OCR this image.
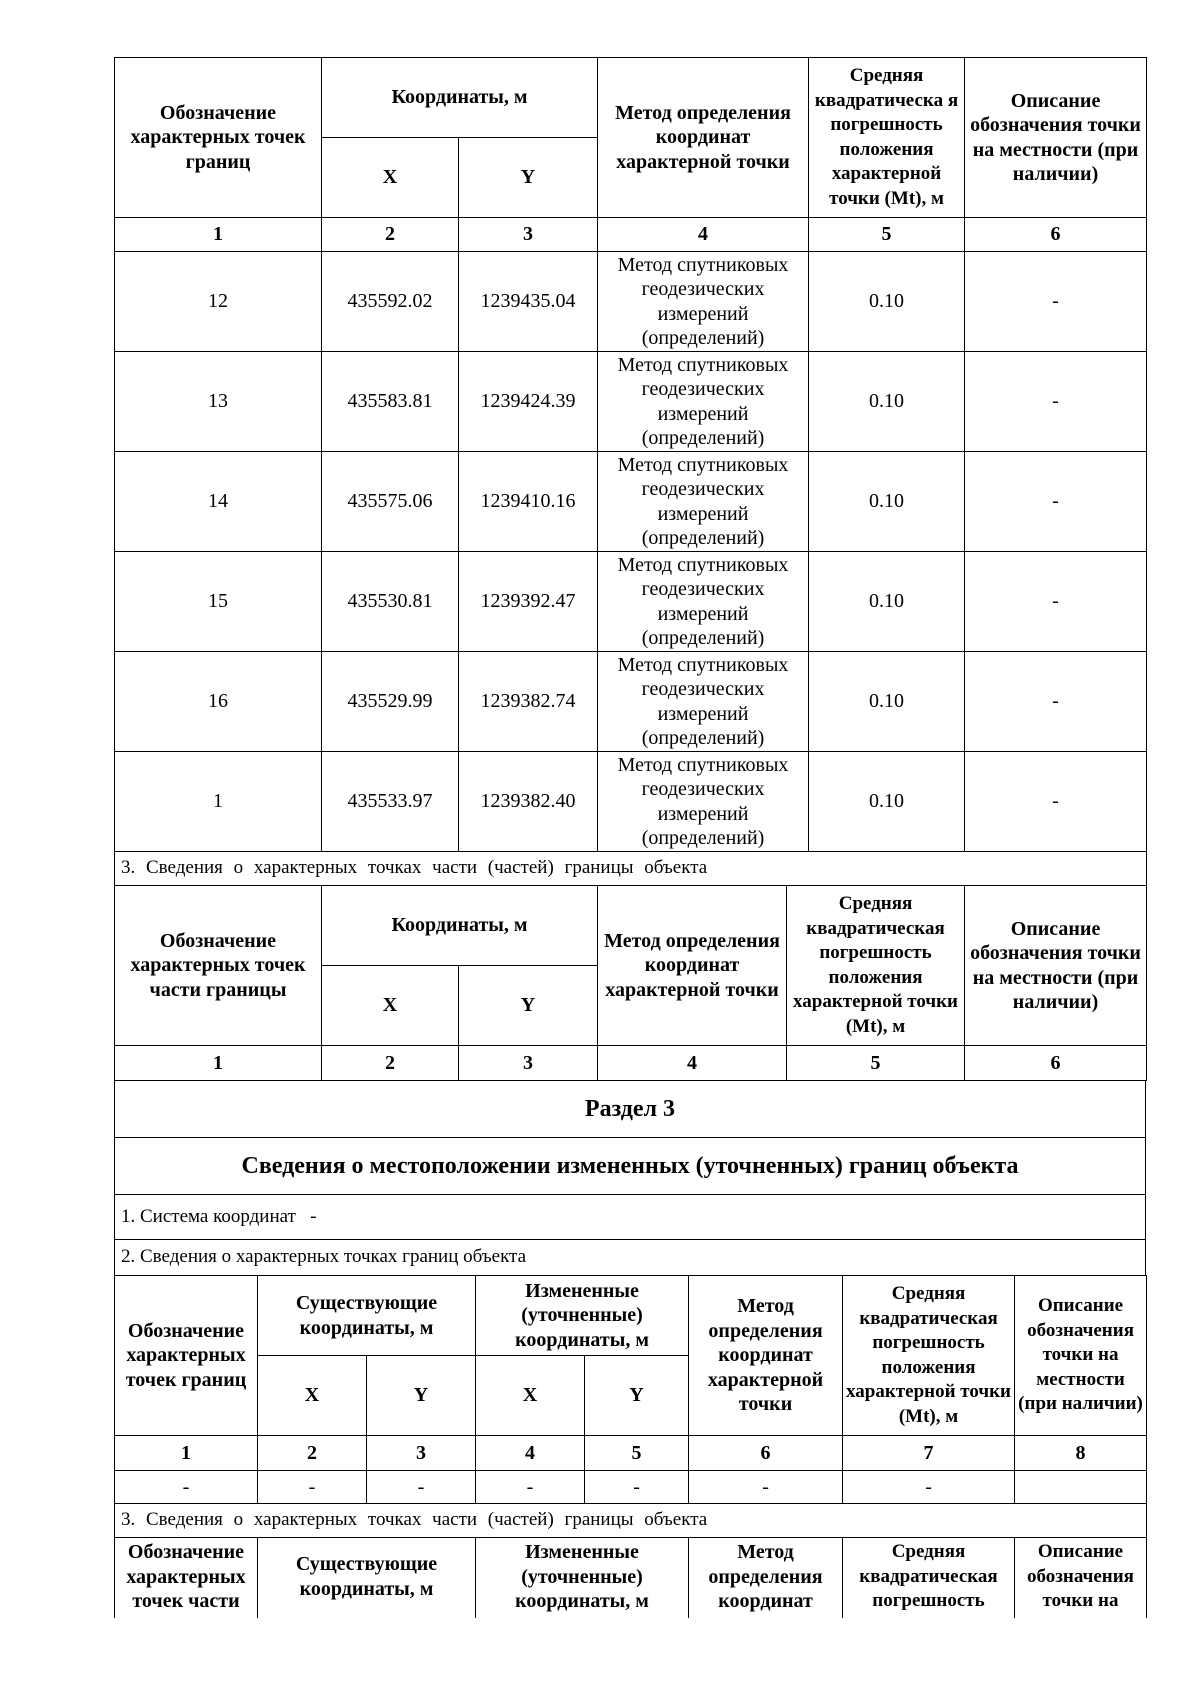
Обозначение характерных точек границ	Координаты, м		Метод определения координат характерной точки	Средняя квадратическа я погрешность положения характерной точки (Mt), м	Описание обозначения точки на местности (при наличии)
	X	Y			
1	2	3	4	5	6
12	435592.02	1239435.04	Метод спутниковых геодезических измерений (определений)	0.10	-
13	435583.81	1239424.39	Метод спутниковых геодезических измерений (определений)	0.10	-
14	435575.06	1239410.16	Метод спутниковых геодезических измерений (определений)	0.10	-
15	435530.81	1239392.47	Метод спутниковых геодезических измерений (определений)	0.10	-
16	435529.99	1239382.74	Метод спутниковых геодезических измерений (определений)	0.10	-
1	435533.97	1239382.40	Метод спутниковых геодезических измерений (определений)	0.10	-
3. Сведения о характерных точках части (частей) границы объекта					
Обозначение характерных точек части границы	Координаты, м		Метод определения координат характерной точки	Средняя квадратическая погрешность положения характерной точки (Mt), м	Описание обозначения точки на местности (при наличии)
	X	Y			
1	2	3	4	5	6
Раздел 3
Сведения о местоположении измененных (уточненных) границ объекта
1. Система координат   -
2. Сведения о характерных точках границ объекта
Обозначение характерных точек границ	Существующие координаты, м		Измененные (уточненные) координаты, м		Метод определения координат характерной точки	Средняя квадратическая погрешность положения характерной точки (Mt), м	Описание обозначения точки на местности (при наличии)
	X	Y	X	Y			
1	2	3	4	5	6	7	8
-	-	-	-	-	-	-	
3. Сведения о характерных точках части (частей) границы объекта							
Обозначение характерных точек части	Существующие координаты, м	Измененные (уточненные) координаты, м	Метод определения координат	Средняя квадратическая погрешность	Описание обозначения точки на
